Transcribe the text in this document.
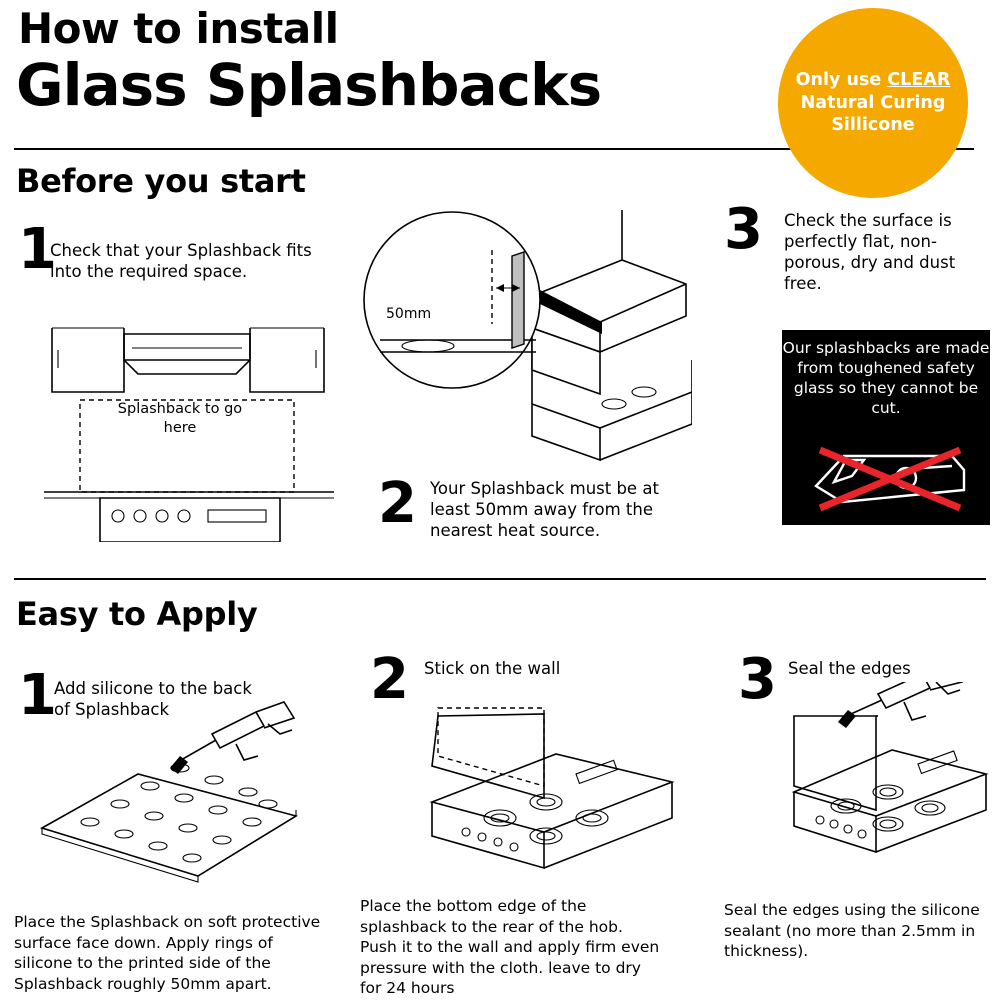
How to install
Glass Splashbacks	Only use CLEAR
Natural Curing
Sillicone
Before you start
1
Check that your Splashback fits into the required space.
Splashback to go here
2 Your Splashback must be at least 50mm away from the nearest heat source.
50mm
3 Check the surface is perfectly flat, non-porous, dry and dust free.
Our splashbacks are made from toughened safety glass so they cannot be cut.
Easy to Apply
1
Add silicone to the back of Splashback
Place the Splashback on soft protective surface face down. Apply rings of silicone to the printed side of the Splashback roughly 50mm apart.
2 Stick on the wall
Place the bottom edge of the splashback to the rear of the hob. Push it to the wall and apply firm even pressure with the cloth. leave to dry for 24 hours
3 Seal the edges
Seal the edges using the silicone sealant (no more than 2.5mm in thickness).
